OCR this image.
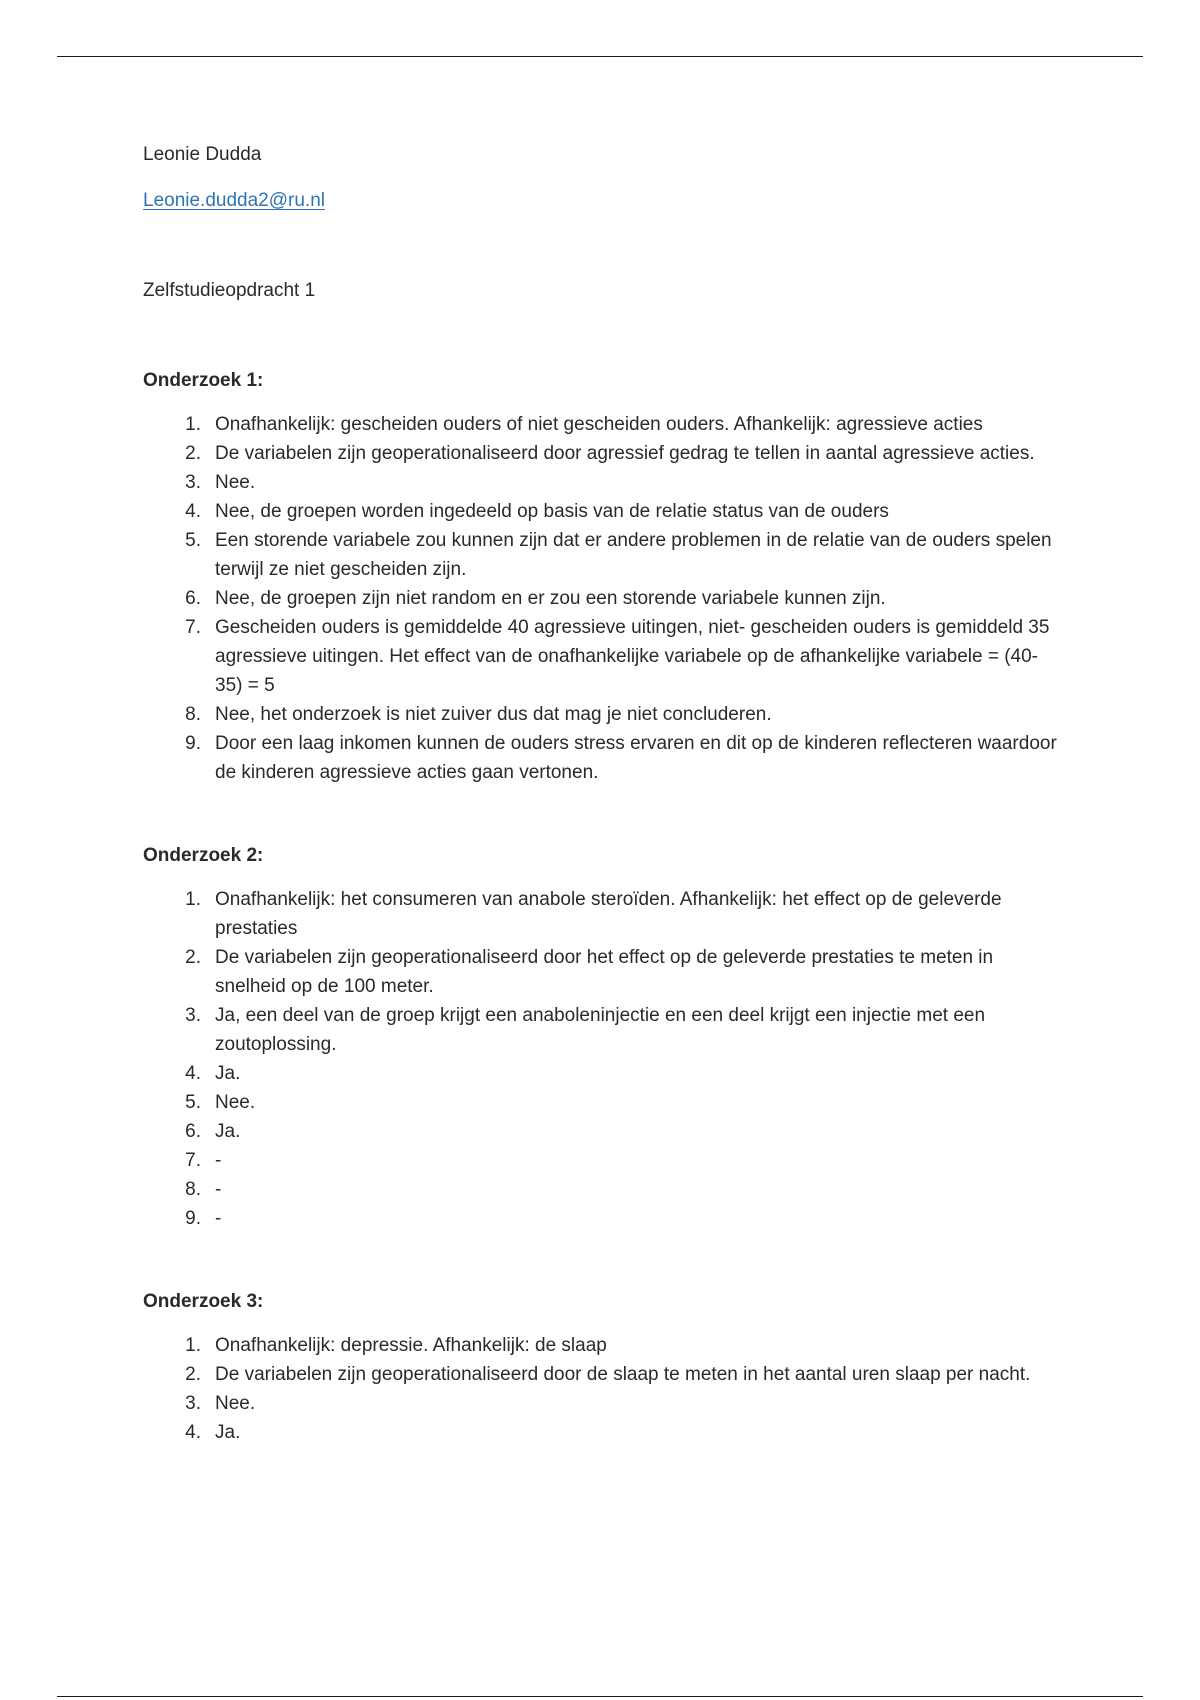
Leonie Dudda
Leonie.dudda2@ru.nl
Zelfstudieopdracht 1
Onderzoek 1:
1. Onafhankelijk: gescheiden ouders of niet gescheiden ouders. Afhankelijk: agressieve acties
2. De variabelen zijn geoperationaliseerd door agressief gedrag te tellen in aantal agressieve acties.
3. Nee.
4. Nee, de groepen worden ingedeeld op basis van de relatie status van de ouders
5. Een storende variabele zou kunnen zijn dat er andere problemen in de relatie van de ouders spelen terwijl ze niet gescheiden zijn.
6. Nee, de groepen zijn niet random en er zou een storende variabele kunnen zijn.
7. Gescheiden ouders is gemiddelde 40 agressieve uitingen, niet- gescheiden ouders is gemiddeld 35 agressieve uitingen. Het effect van de onafhankelijke variabele op de afhankelijke variabele = (40-35) = 5
8. Nee, het onderzoek is niet zuiver dus dat mag je niet concluderen.
9. Door een laag inkomen kunnen de ouders stress ervaren en dit op de kinderen reflecteren waardoor de kinderen agressieve acties gaan vertonen.
Onderzoek 2:
1. Onafhankelijk: het consumeren van anabole steroïden. Afhankelijk: het effect op de geleverde prestaties
2. De variabelen zijn geoperationaliseerd door het effect op de geleverde prestaties te meten in snelheid op de 100 meter.
3. Ja, een deel van de groep krijgt een anaboleninjectie en een deel krijgt een injectie met een zoutoplossing.
4. Ja.
5. Nee.
6. Ja.
7. -
8. -
9. -
Onderzoek 3:
1. Onafhankelijk: depressie. Afhankelijk: de slaap
2. De variabelen zijn geoperationaliseerd door de slaap te meten in het aantal uren slaap per nacht.
3. Nee.
4. Ja.
